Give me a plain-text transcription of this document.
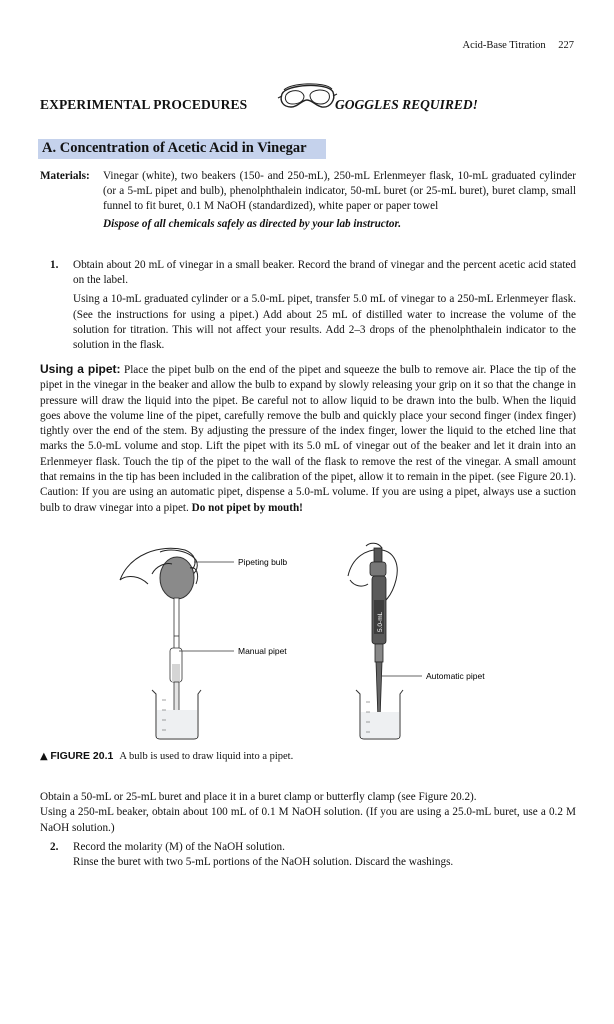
Acid-Base Titration 227
EXPERIMENTAL PROCEDURES	GOGGLES REQUIRED!
A. Concentration of Acetic Acid in Vinegar
Materials: Vinegar (white), two beakers (150- and 250-mL), 250-mL Erlenmeyer flask, 10-mL graduated cylinder (or a 5-mL pipet and bulb), phenolphthalein indicator, 50-mL buret (or 25-mL buret), buret clamp, small funnel to fit buret, 0.1 M NaOH (standardized), white paper or paper towel
Dispose of all chemicals safely as directed by your lab instructor.
1. Obtain about 20 mL of vinegar in a small beaker. Record the brand of vinegar and the percent acetic acid stated on the label.

Using a 10-mL graduated cylinder or a 5.0-mL pipet, transfer 5.0 mL of vinegar to a 250-mL Erlenmeyer flask. (See the instructions for using a pipet.) Add about 25 mL of distilled water to increase the volume of the solution for titration. This will not affect your results. Add 2–3 drops of the phenolphthalein indicator to the solution in the flask.

Using a pipet: Place the pipet bulb on the end of the pipet and squeeze the bulb to remove air. Place the tip of the pipet in the vinegar in the beaker and allow the bulb to expand by slowly releasing your grip on it so that the change in pressure will draw the liquid into the pipet. Be careful not to allow liquid to be drawn into the bulb. When the liquid goes above the volume line of the pipet, carefully remove the bulb and quickly place your second finger (index finger) tightly over the end of the stem. By adjusting the pressure of the index finger, lower the liquid to the etched line that marks the 5.0-mL volume and stop. Lift the pipet with its 5.0 mL of vinegar out of the beaker and let it drain into an Erlenmeyer flask. Touch the tip of the pipet to the wall of the flask to remove the rest of the vinegar. A small amount that remains in the tip has been included in the calibration of the pipet, allow it to remain in the pipet. (see Figure 20.1). Caution: If you are using an automatic pipet, dispense a 5.0-mL volume. If you are using a pipet, always use a suction bulb to draw vinegar into a pipet. Do not pipet by mouth!
Pipeting bulb
Manual pipet
5.0-mL
Automatic pipet
▲ FIGURE 20.1 A bulb is used to draw liquid into a pipet.

Obtain a 50-mL or 25-mL buret and place it in a buret clamp or butterfly clamp (see Figure 20.2).

Using a 250-mL beaker, obtain about 100 mL of 0.1 M NaOH solution. (If you are using a 25.0-mL buret, use a 0.2 M NaOH solution.)

2. Record the molarity (M) of the NaOH solution.

Rinse the buret with two 5-mL portions of the NaOH solution. Discard the washings.
